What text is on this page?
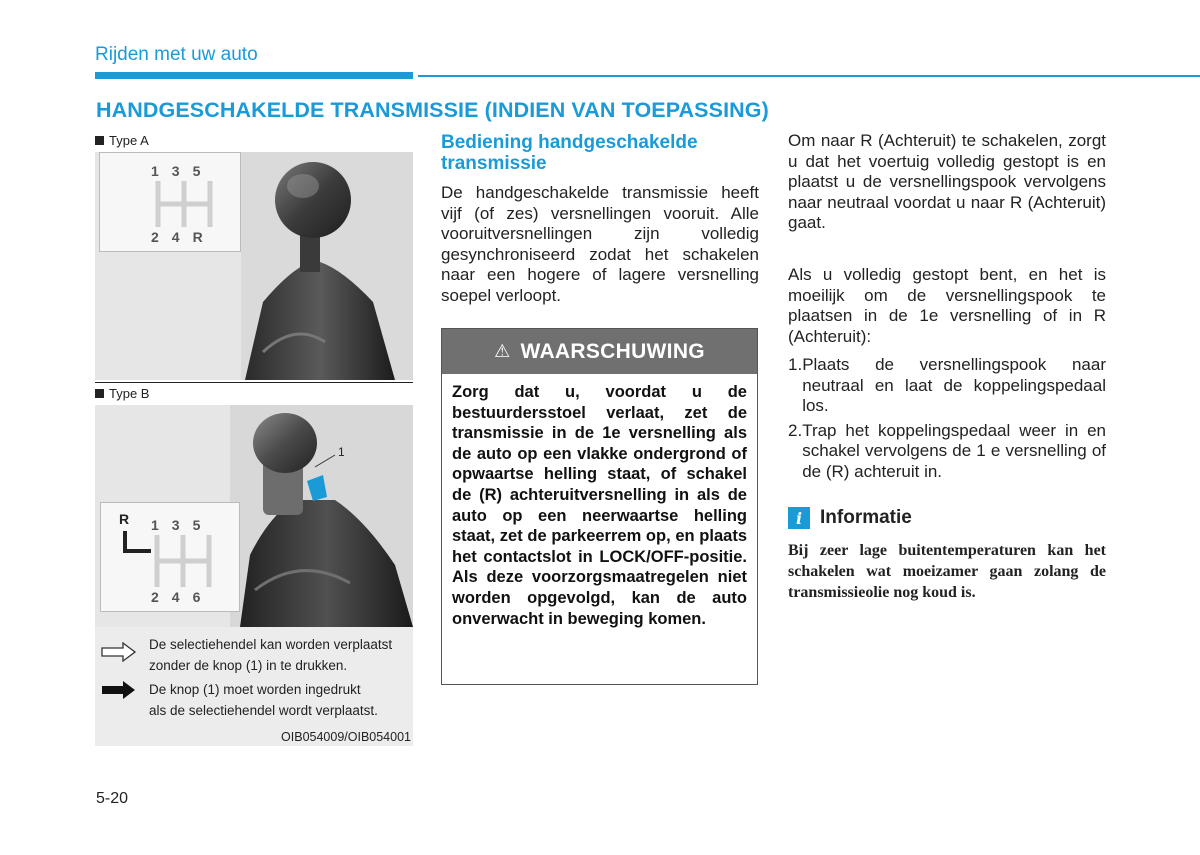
Rijden met uw auto
HANDGESCHAKELDE TRANSMISSIE (INDIEN VAN TOEPASSING)
Type A
135
24R
Type B
1
R 135
246
De selectiehendel kan worden verplaatst
zonder de knop (1) in te drukken.
De knop (1) moet worden ingedrukt
als de selectiehendel wordt verplaatst.
OIB054009/OIB054001
Bediening handgeschakelde
transmissie
De handgeschakelde transmissie heeft vijf (of zes) versnellingen vooruit. Alle vooruitversnellingen zijn volledig gesynchroniseerd zodat het schakelen naar een hogere of lagere versnelling soepel verloopt.
⚠ WAARSCHUWING
Zorg dat u, voordat u de bestuurdersstoel verlaat, zet de transmissie in de 1e versnelling als de auto op een vlakke ondergrond of opwaartse helling staat, of schakel de (R) achteruitversnelling in als de auto op een neerwaartse helling staat, zet de parkeerrem op, en plaats het contactslot in LOCK/OFF-positie. Als deze voorzorgsmaatregelen niet worden opgevolgd, kan de auto onverwacht in beweging komen.
Om naar R (Achteruit) te schakelen, zorgt u dat het voertuig volledig gestopt is en plaatst u de versnellingspook vervolgens naar neutraal voordat u naar R (Achteruit) gaat.
Als u volledig gestopt bent, en het is moeilijk om de versnellingspook te plaatsen in de 1e versnelling of in R (Achteruit):
1. Plaats de versnellingspook naar neutraal en laat de koppelingspedaal los.
2. Trap het koppelingspedaal weer in en schakel vervolgens de 1 e versnelling of de (R) achteruit in.
i Informatie
Bij zeer lage buitentemperaturen kan het schakelen wat moeizamer gaan zolang de transmissieolie nog koud is.
5-20
